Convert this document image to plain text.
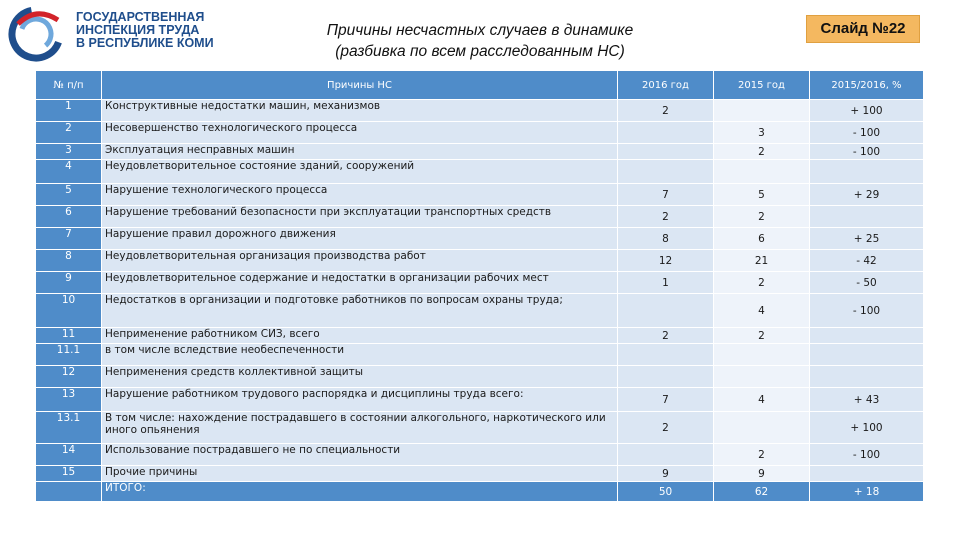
ГОСУДАРСТВЕННАЯ
ИНСПЕКЦИЯ ТРУДА
В РЕСПУБЛИКЕ КОМИ
Причины несчастных случаев в динамике
(разбивка по всем расследованным НС)
Слайд №22
№ п/п	Причины НС	2016 год	2015 год	2015/2016, %
1	Конструктивные недостатки машин, механизмов	2		+ 100
2	Несовершенство технологического процесса		3	- 100
3	Эксплуатация несправных машин		2	- 100
4	Неудовлетворительное состояние зданий, сооружений			
5	Нарушение технологического процесса	7	5	+ 29
6	Нарушение требований безопасности при эксплуатации транспортных средств	2	2	
7	Нарушение правил дорожного движения	8	6	+ 25
8	Неудовлетворительная организация производства работ	12	21	- 42
9	Неудовлетворительное содержание и недостатки в организации рабочих мест	1	2	- 50
10	Недостатков в организации и подготовке работников по вопросам охраны труда;		4	- 100
11	Неприменение работником СИЗ, всего	2	2	
11.1	в том числе вследствие необеспеченности			
12	Неприменения средств коллективной защиты			
13	Нарушение работником трудового распорядка и дисциплины труда всего:	7	4	+ 43
13.1	В том числе: нахождение пострадавшего в состоянии алкогольного, наркотического или иного опьянения	2		+ 100
14	Использование пострадавшего не по специальности		2	- 100
15	Прочие причины	9	9	
	ИТОГО:	50	62	+ 18
